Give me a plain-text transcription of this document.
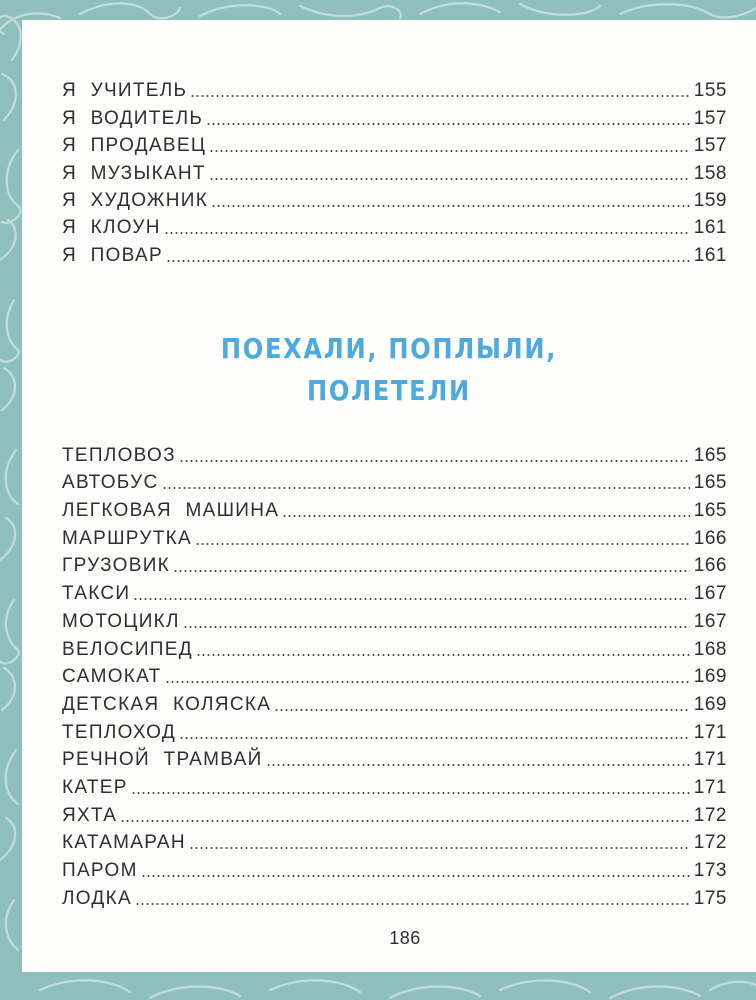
Я УЧИТЕЛЬ	155
Я ВОДИТЕЛЬ	157
Я ПРОДАВЕЦ	157
Я МУЗЫКАНТ	158
Я ХУДОЖНИК	159
Я КЛОУН	161
Я ПОВАР	161
ПОЕХАЛИ, ПОПЛЫЛИ,
ПОЛЕТЕЛИ
ТЕПЛОВОЗ	165
АВТОБУС	165
ЛЕГКОВАЯ МАШИНА	165
МАРШРУТКА	166
ГРУЗОВИК	166
ТАКСИ	167
МОТОЦИКЛ	167
ВЕЛОСИПЕД	168
САМОКАТ	169
ДЕТСКАЯ КОЛЯСКА	169
ТЕПЛОХОД	171
РЕЧНОЙ ТРАМВАЙ	171
КАТЕР	171
ЯХТА	172
КАТАМАРАН	172
ПАРОМ	173
ЛОДКА	175
186
